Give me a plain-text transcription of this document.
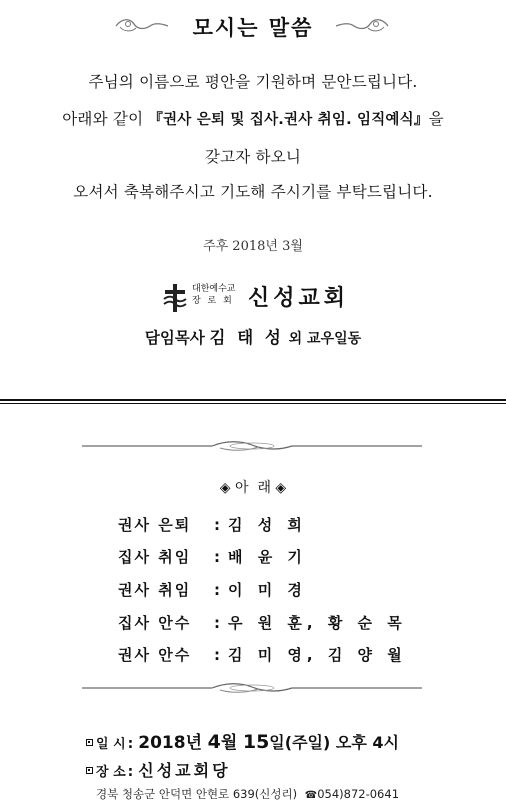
모시는 말씀
주님의 이름으로 평안을 기원하며 문안드립니다.
아래와 같이 『권사 은퇴 및 집사.권사 취임. 임직예식』을
갖고자 하오니
오셔서 축복해주시고 기도해 주시기를 부탁드립니다.
주후 2018년 3월
대한예수교
장 로 회 신성교회
담임목사 김 태 성 외 교우일동
◈ 아  래 ◈
권사 은퇴 : 김 성 희
집사 취임 : 배 윤 기
권사 취임 : 이 미 경
집사 안수 : 우 원 훈, 황 순 목
권사 안수 : 김 미 영, 김 양 월
일 시 : 2018년 4월 15일(주일) 오후 4시
장 소 : 신성교회당
경북 청송군 안덕면 안현로 639(신성리) ☎054)872-0641
